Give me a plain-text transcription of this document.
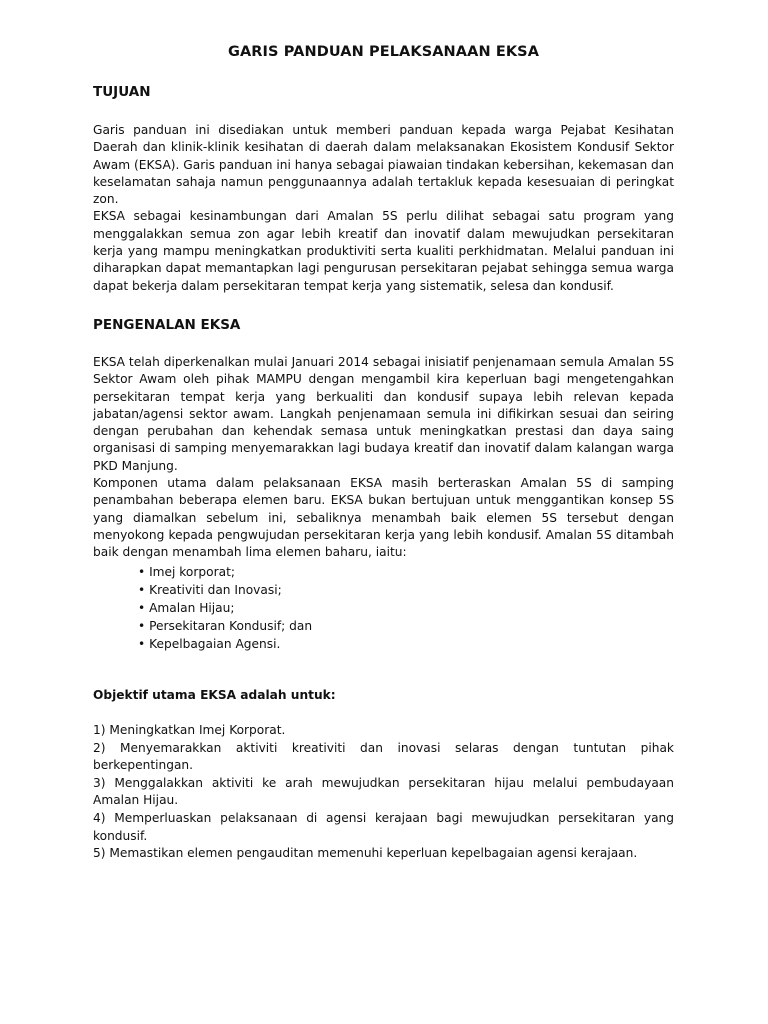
GARIS PANDUAN PELAKSANAAN EKSA
TUJUAN

Garis panduan ini disediakan untuk memberi panduan kepada warga Pejabat Kesihatan Daerah dan klinik-klinik kesihatan di daerah dalam melaksanakan Ekosistem Kondusif Sektor Awam (EKSA). Garis panduan ini hanya sebagai piawaian tindakan kebersihan, kekemasan dan keselamatan sahaja namun penggunaannya adalah tertakluk kepada kesesuaian di peringkat zon.

EKSA sebagai kesinambungan dari Amalan 5S perlu dilihat sebagai satu program yang menggalakkan semua zon agar lebih kreatif dan inovatif dalam mewujudkan persekitaran kerja yang mampu meningkatkan produktiviti serta kualiti perkhidmatan. Melalui panduan ini diharapkan dapat memantapkan lagi pengurusan persekitaran pejabat sehingga semua warga dapat bekerja dalam persekitaran tempat kerja yang sistematik, selesa dan kondusif.

PENGENALAN EKSA

EKSA telah diperkenalkan mulai Januari 2014 sebagai inisiatif penjenamaan semula Amalan 5S Sektor Awam oleh pihak MAMPU dengan mengambil kira keperluan bagi mengetengahkan persekitaran tempat kerja yang berkualiti dan kondusif supaya lebih relevan kepada jabatan/agensi sektor awam. Langkah penjenamaan semula ini difikirkan sesuai dan seiring dengan perubahan dan kehendak semasa untuk meningkatkan prestasi dan daya saing organisasi di samping menyemarakkan lagi budaya kreatif dan inovatif dalam kalangan warga PKD Manjung.

Komponen utama dalam pelaksanaan EKSA masih berteraskan Amalan 5S di samping penambahan beberapa elemen baru. EKSA bukan bertujuan untuk menggantikan konsep 5S yang diamalkan sebelum ini, sebaliknya menambah baik elemen 5S tersebut dengan menyokong kepada pengwujudan persekitaran kerja yang lebih kondusif. Amalan 5S ditambah baik dengan menambah lima elemen baharu, iaitu:

• Imej korporat;
• Kreativiti dan Inovasi;
• Amalan Hijau;
• Persekitaran Kondusif; dan
• Kepelbagaian Agensi.
Objektif utama EKSA adalah untuk:
1) Meningkatkan Imej Korporat.
2) Menyemarakkan aktiviti kreativiti dan inovasi selaras dengan tuntutan pihak berkepentingan.
3) Menggalakkan aktiviti ke arah mewujudkan persekitaran hijau melalui pembudayaan Amalan Hijau.
4) Memperluaskan pelaksanaan di agensi kerajaan bagi mewujudkan persekitaran yang kondusif.
5) Memastikan elemen pengauditan memenuhi keperluan kepelbagaian agensi kerajaan.
